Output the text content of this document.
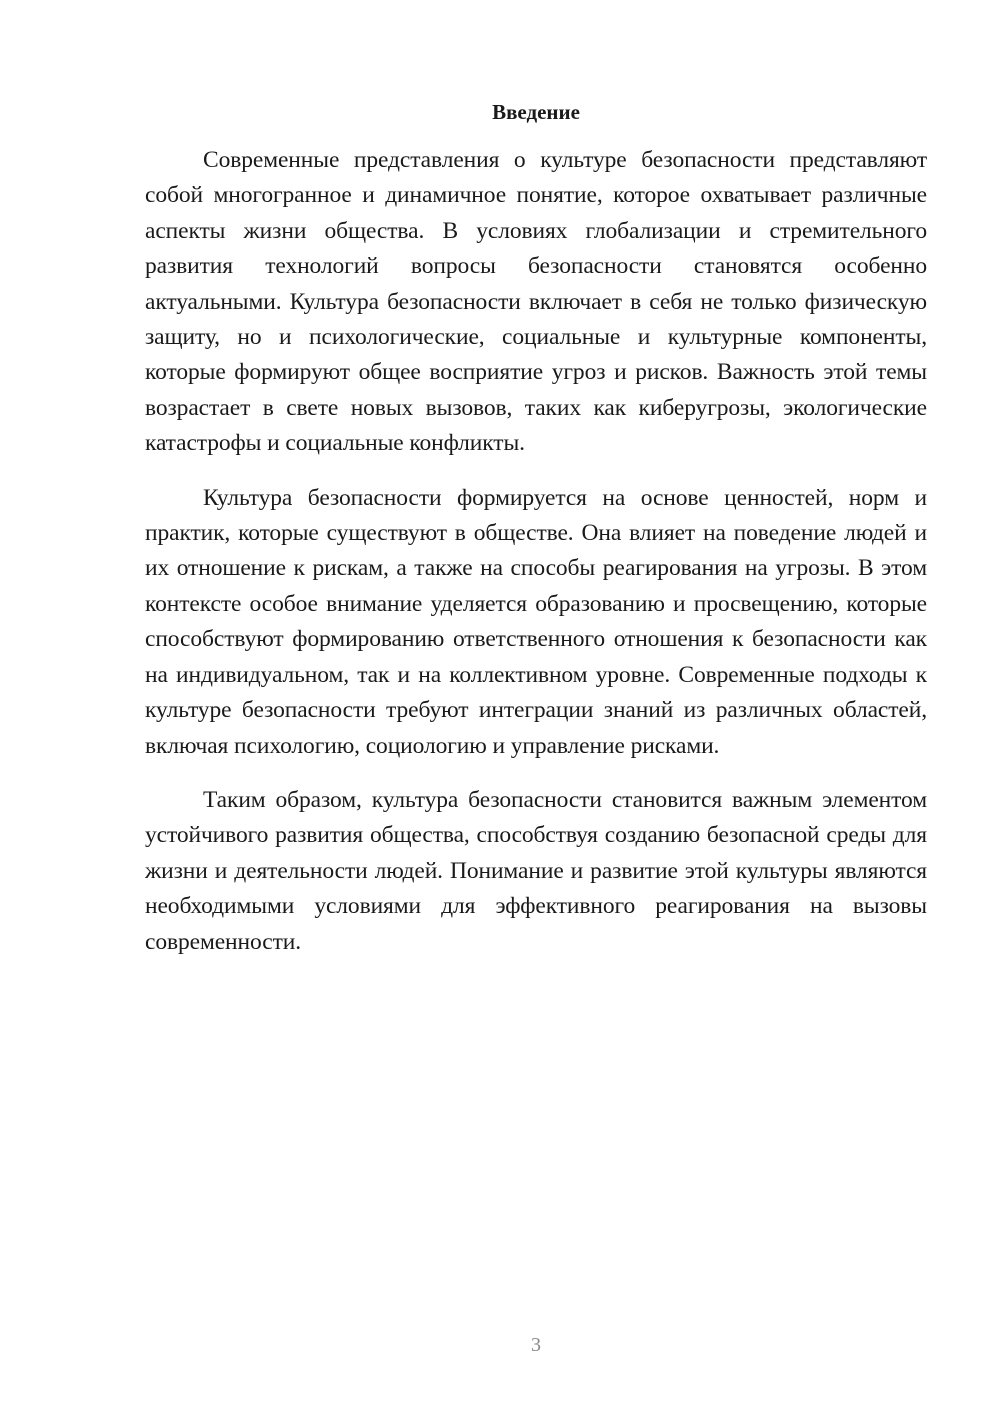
Введение

Современные представления о культуре безопасности представляют собой многогранное и динамичное понятие, которое охватывает различные аспекты жизни общества. В условиях глобализации и стремительного развития технологий вопросы безопасности становятся особенно актуальными. Культура безопасности включает в себя не только физическую защиту, но и психологические, социальные и культурные компоненты, которые формируют общее восприятие угроз и рисков. Важность этой темы возрастает в свете новых вызовов, таких как киберугрозы, экологические катастрофы и социальные конфликты.

Культура безопасности формируется на основе ценностей, норм и практик, которые существуют в обществе. Она влияет на поведение людей и их отношение к рискам, а также на способы реагирования на угрозы. В этом контексте особое внимание уделяется образованию и просвещению, которые способствуют формированию ответственного отношения к безопасности как на индивидуальном, так и на коллективном уровне. Современные подходы к культуре безопасности требуют интеграции знаний из различных областей, включая психологию, социологию и управление рисками.

Таким образом, культура безопасности становится важным элементом устойчивого развития общества, способствуя созданию безопасной среды для жизни и деятельности людей. Понимание и развитие этой культуры являются необходимыми условиями для эффективного реагирования на вызовы современности.

3
